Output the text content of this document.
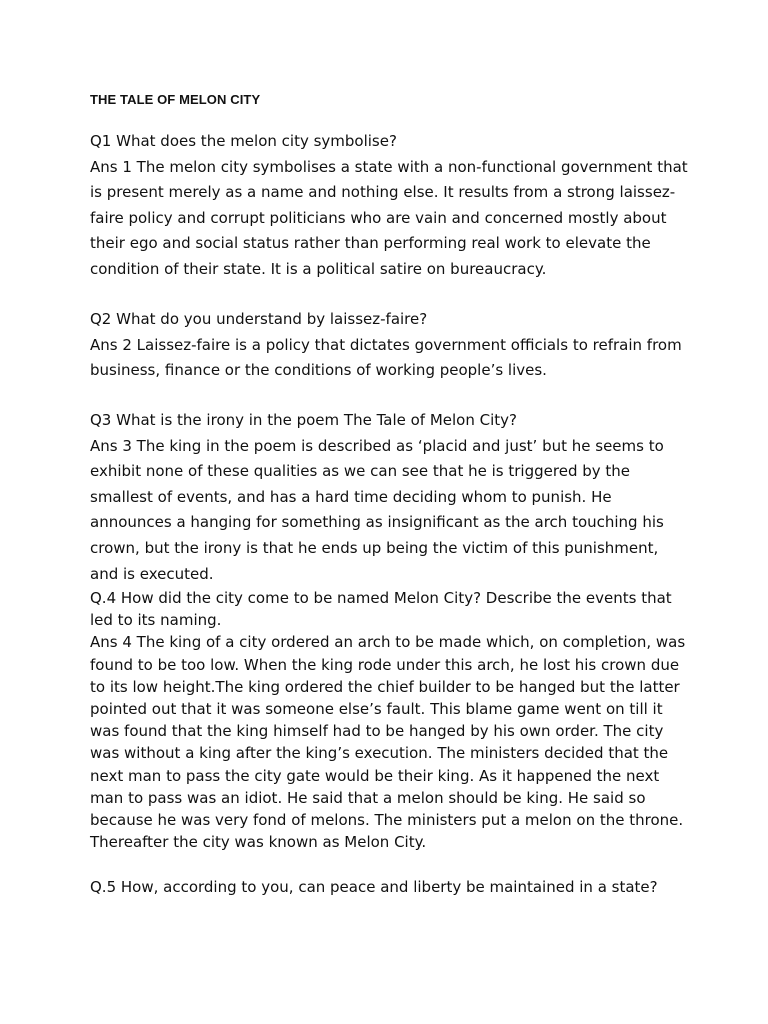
THE TALE OF MELON CITY

Q1 What does the melon city symbolise?

Ans 1 The melon city symbolises a state with a non-functional government that is present merely as a name and nothing else. It results from a strong laissez-faire policy and corrupt politicians who are vain and concerned mostly about their ego and social status rather than performing real work to elevate the condition of their state. It is a political satire on bureaucracy.

Q2 What do you understand by laissez-faire?

Ans 2 Laissez-faire is a policy that dictates government officials to refrain from business, finance or the conditions of working people’s lives.

Q3 What is the irony in the poem The Tale of Melon City?

Ans 3 The king in the poem is described as ‘placid and just’ but he seems to exhibit none of these qualities as we can see that he is triggered by the smallest of events, and has a hard time deciding whom to punish. He announces a hanging for something as insignificant as the arch touching his crown, but the irony is that he ends up being the victim of this punishment, and is executed.

Q.4 How did the city come to be named Melon City? Describe the events that led to its naming.

Ans 4 The king of a city ordered an arch to be made which, on completion, was found to be too low. When the king rode under this arch, he lost his crown due to its low height.The king ordered the chief builder to be hanged but the latter pointed out that it was someone else’s fault. This blame game went on till it was found that the king himself had to be hanged by his own order. The city was without a king after the king’s execution. The ministers decided that the next man to pass the city gate would be their king. As it happened the next man to pass was an idiot. He said that a melon should be king. He said so because he was very fond of melons. The ministers put a melon on the throne. Thereafter the city was known as Melon City.

Q.5 How, according to you, can peace and liberty be maintained in a state?
